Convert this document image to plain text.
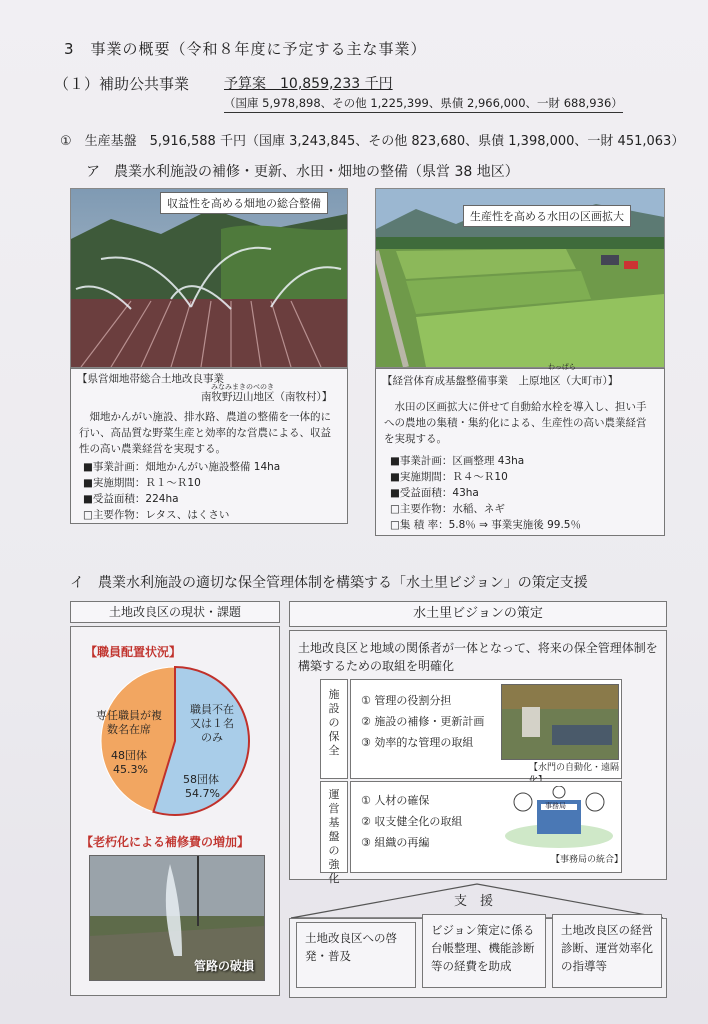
3　事業の概要（令和８年度に予定する主な事業）
（１）補助公共事業 予算案　10,859,233 千円
（国庫 5,978,898、その他 1,225,399、県債 2,966,000、一財 688,936）
①　生産基盤　5,916,588 千円（国庫 3,243,845、その他 823,680、県債 1,398,000、一財 451,063）
ア　農業水利施設の補修・更新、水田・畑地の整備（県営 38 地区）
収益性を高める畑地の総合整備
生産性を高める水田の区画拡大
【県営畑地帯総合土地改良事業
みなみまきのべのき
南牧野辺山地区（南牧村）】
　畑地かんがい施設、排水路、農道の整備を一体的に行い、高品質な野菜生産と効率的な営農による、収益性の高い農業経営を実現する。
■事業計画：畑地かんがい施設整備 14ha
■実施期間：Ｒ１～Ｒ10
■受益面積：224ha
□主要作物：レタス、はくさい
【経営体育成基盤整備事業　上原地区（大町市）】
わっぱら
　水田の区画拡大に併せて自動給水栓を導入し、担い手への農地の集積・集約化による、生産性の高い農業経営を実現する。
■事業計画：区画整理 43ha
■実施期間：Ｒ４～Ｒ10
■受益面積：43ha
□主要作物：水稲、ネギ
□集 積 率：5.8％ ⇒ 事業実施後 99.5％
イ　農業水利施設の適切な保全管理体制を構築する「水土里ビジョン」の策定支援
土地改良区の現状・課題
【職員配置状況】
専任職員が複数名在席
48団体
45.3%
職員不在又は１名のみ
58団体
54.7%
【老朽化による補修費の増加】
管路の破損
水土里ビジョンの策定
土地改良区と地域の関係者が一体となって、将来の保全管理体制を構築するための取組を明確化
施設の保全
① 管理の役割分担
② 施設の補修・更新計画
③ 効率的な管理の取組
【水門の自動化・遠隔
運営基盤の強化
① 人材の確保
② 収支健全化の取組
③ 組織の再編
事務局
【事務局の統合】
支　援
土地改良区への啓発・普及
ビジョン策定に係る台帳整理、機能診断等の経費を助成
土地改良区の経営診断、運営効率化の指導等
